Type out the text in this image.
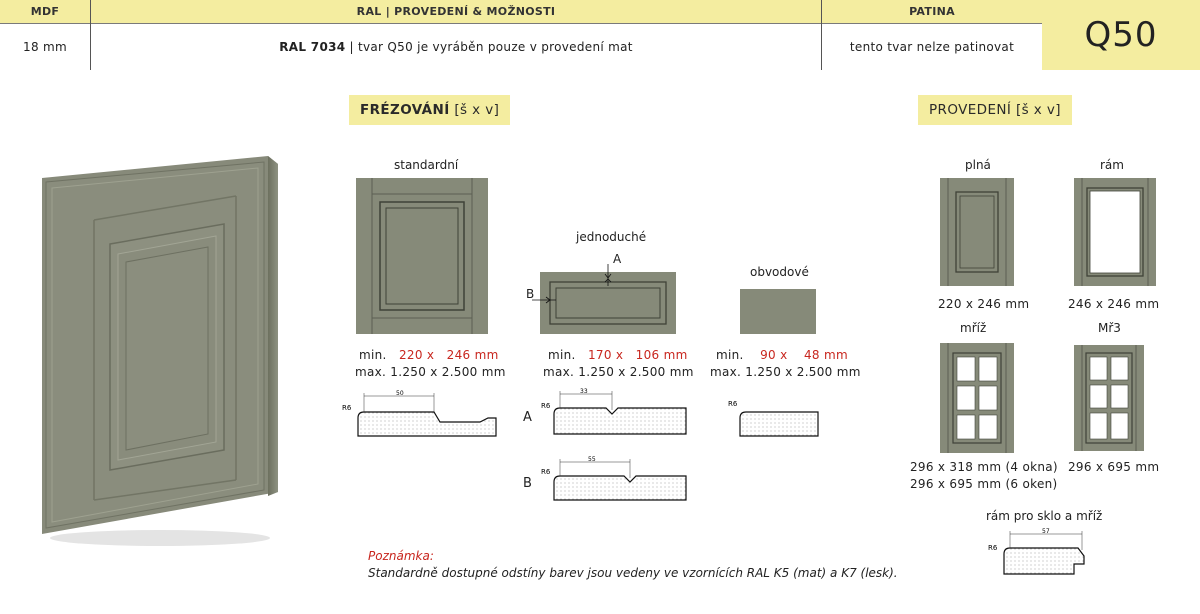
MDF	RAL | PROVEDENÍ & MOŽNOSTI	PATINA
18 mm	RAL 7034 | tvar Q50 je vyráběn pouze v provedení mat	tento tvar nelze patinovat	Q50
FRÉZOVÁNÍ [š x v]
standardní
min. 220 x 246 mm
max. 1.250 x 2.500 mm
jednoduché
A
B
min. 170 x 106 mm
max. 1.250 x 2.500 mm
obvodové
min. 90 x 48 mm
max. 1.250 x 2.500 mm
50
R6
33
R6
A
55
R6
B
R6
PROVEDENÍ [š x v]
plná
220 x 246 mm
rám
246 x 246 mm
mříž
296 x 318 mm (4 okna)
296 x 695 mm (6 oken)
Mř3
296 x 695 mm
rám pro sklo a mříž
57
R6
Poznámka:
Standardně dostupné odstíny barev jsou vedeny ve vzornících RAL K5 (mat) a K7 (lesk).
